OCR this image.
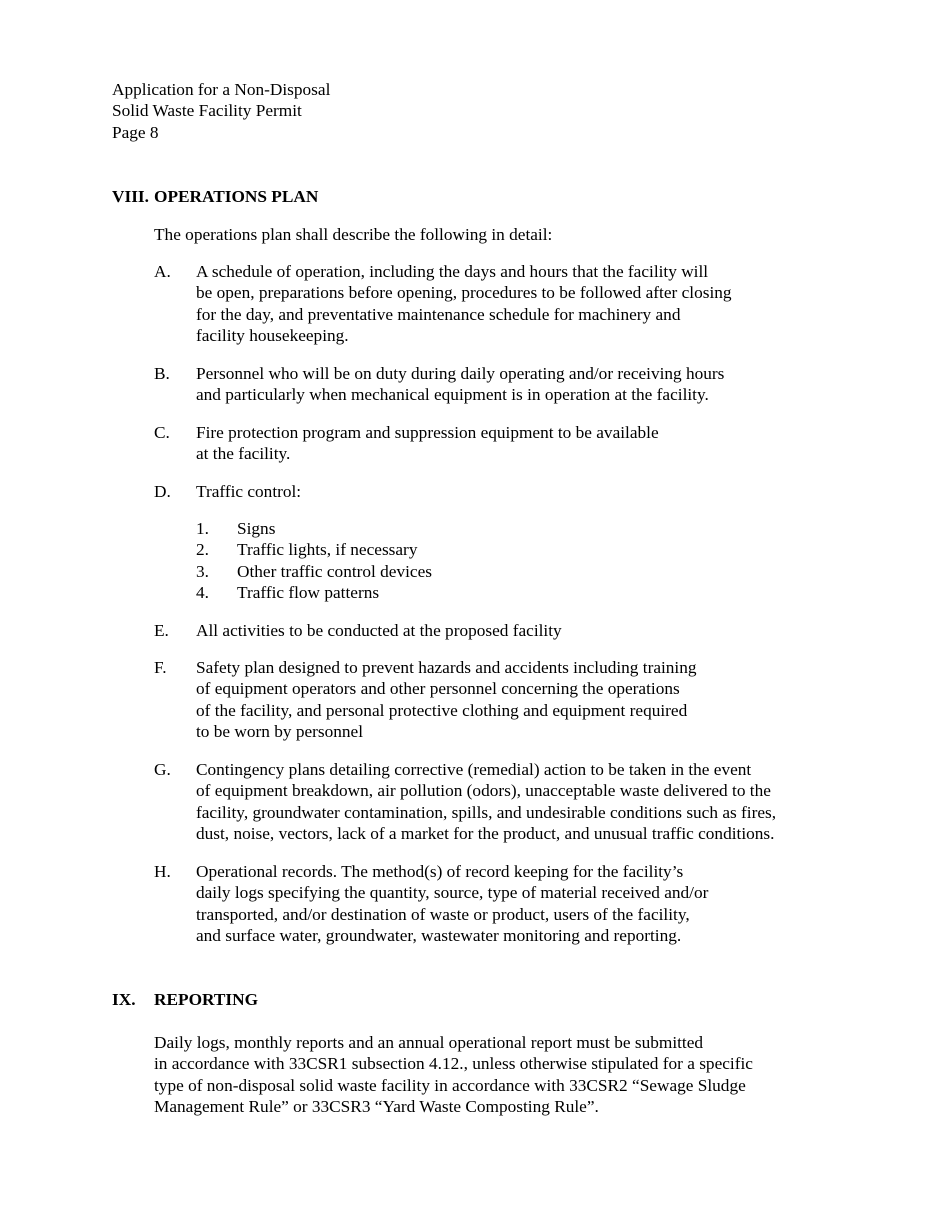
Application for a Non-Disposal
Solid Waste Facility Permit
Page 8
VIII. OPERATIONS PLAN
The operations plan shall describe the following in detail:
A. A schedule of operation, including the days and hours that the facility will
be open, preparations before opening, procedures to be followed after closing
for the day, and preventative maintenance schedule for machinery and
facility housekeeping.
B. Personnel who will be on duty during daily operating and/or receiving hours
and particularly when mechanical equipment is in operation at the facility.
C. Fire protection program and suppression equipment to be available
at the facility.
D. Traffic control:
1. Signs
2. Traffic lights, if necessary
3. Other traffic control devices
4. Traffic flow patterns
E. All activities to be conducted at the proposed facility
F. Safety plan designed to prevent hazards and accidents including training
of equipment operators and other personnel concerning the operations
of the facility, and personal protective clothing and equipment required
to be worn by personnel
G. Contingency plans detailing corrective (remedial) action to be taken in the event
of equipment breakdown, air pollution (odors), unacceptable waste delivered to the
facility, groundwater contamination, spills, and undesirable conditions such as fires,
dust, noise, vectors, lack of a market for the product, and unusual traffic conditions.
H. Operational records. The method(s) of record keeping for the facility’s
daily logs specifying the quantity, source, type of material received and/or
transported, and/or destination of waste or product, users of the facility,
and surface water, groundwater, wastewater monitoring and reporting.
IX. REPORTING
Daily logs, monthly reports and an annual operational report must be submitted
in accordance with 33CSR1 subsection 4.12., unless otherwise stipulated for a specific
type of non-disposal solid waste facility in accordance with 33CSR2 “Sewage Sludge
Management Rule” or 33CSR3 “Yard Waste Composting Rule”.
